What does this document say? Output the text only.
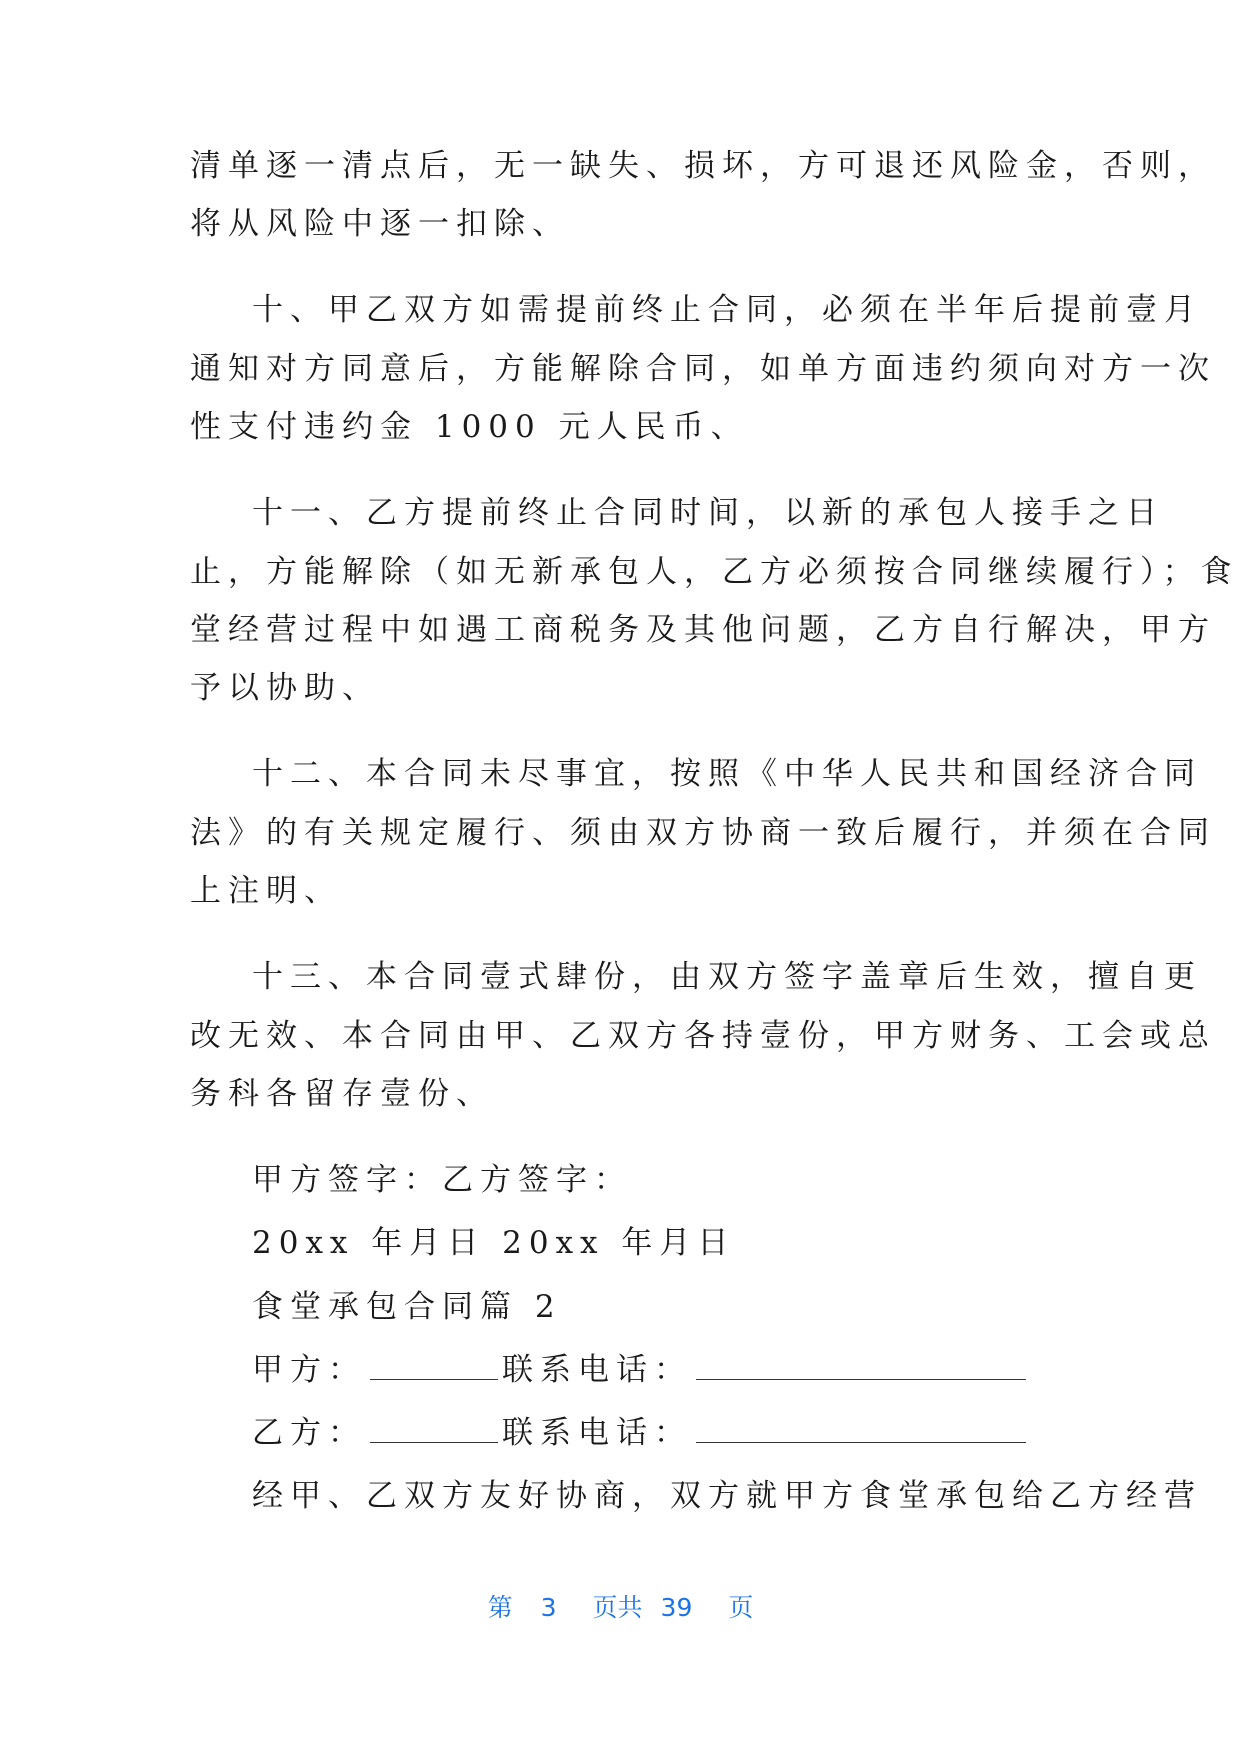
清单逐一清点后，无一缺失、损坏，方可退还风险金，否则，
将从风险中逐一扣除、
十、甲乙双方如需提前终止合同，必须在半年后提前壹月
通知对方同意后，方能解除合同，如单方面违约须向对方一次
性支付违约金 1000 元人民币、
十一、乙方提前终止合同时间，以新的承包人接手之日
止，方能解除（如无新承包人，乙方必须按合同继续履行）；食
堂经营过程中如遇工商税务及其他问题，乙方自行解决，甲方
予以协助、
十二、本合同未尽事宜，按照《中华人民共和国经济合同
法》的有关规定履行、须由双方协商一致后履行，并须在合同
上注明、
十三、本合同壹式肆份，由双方签字盖章后生效，擅自更
改无效、本合同由甲、乙双方各持壹份，甲方财务、工会或总
务科各留存壹份、
甲方签字：乙方签字：
20xx 年月日 20xx 年月日
食堂承包合同篇 2
甲方：	联系电话：
乙方：	联系电话：
经甲、乙双方友好协商，双方就甲方食堂承包给乙方经营
第 3 页共 39 页
